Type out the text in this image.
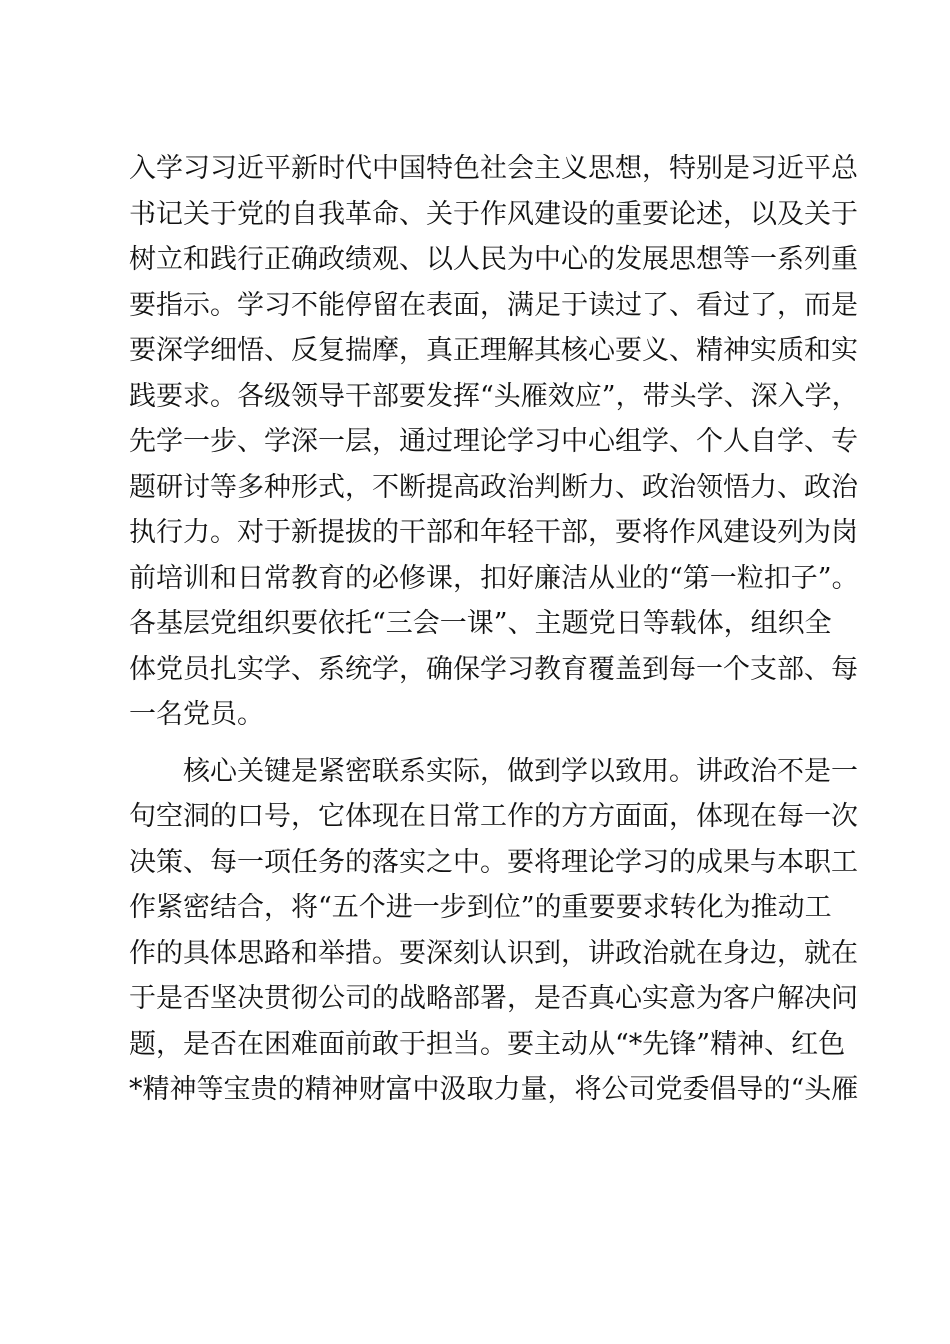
入学习习近平新时代中国特色社会主义思想，特别是习近平总
书记关于党的自我革命、关于作风建设的重要论述，以及关于
树立和践行正确政绩观、以人民为中心的发展思想等一系列重
要指示。学习不能停留在表面，满足于读过了、看过了，而是
要深学细悟、反复揣摩，真正理解其核心要义、精神实质和实
践要求。各级领导干部要发挥“头雁效应”，带头学、深入学，
先学一步、学深一层，通过理论学习中心组学、个人自学、专
题研讨等多种形式，不断提高政治判断力、政治领悟力、政治
执行力。对于新提拔的干部和年轻干部，要将作风建设列为岗
前培训和日常教育的必修课，扣好廉洁从业的“第一粒扣子”。
各基层党组织要依托“三会一课”、主题党日等载体，组织全
体党员扎实学、系统学，确保学习教育覆盖到每一个支部、每
一名党员。
　　核心关键是紧密联系实际，做到学以致用。讲政治不是一
句空洞的口号，它体现在日常工作的方方面面，体现在每一次
决策、每一项任务的落实之中。要将理论学习的成果与本职工
作紧密结合，将“五个进一步到位”的重要要求转化为推动工
作的具体思路和举措。要深刻认识到，讲政治就在身边，就在
于是否坚决贯彻公司的战略部署，是否真心实意为客户解决问
题，是否在困难面前敢于担当。要主动从“*先锋”精神、红色
*精神等宝贵的精神财富中汲取力量，将公司党委倡导的“头雁
